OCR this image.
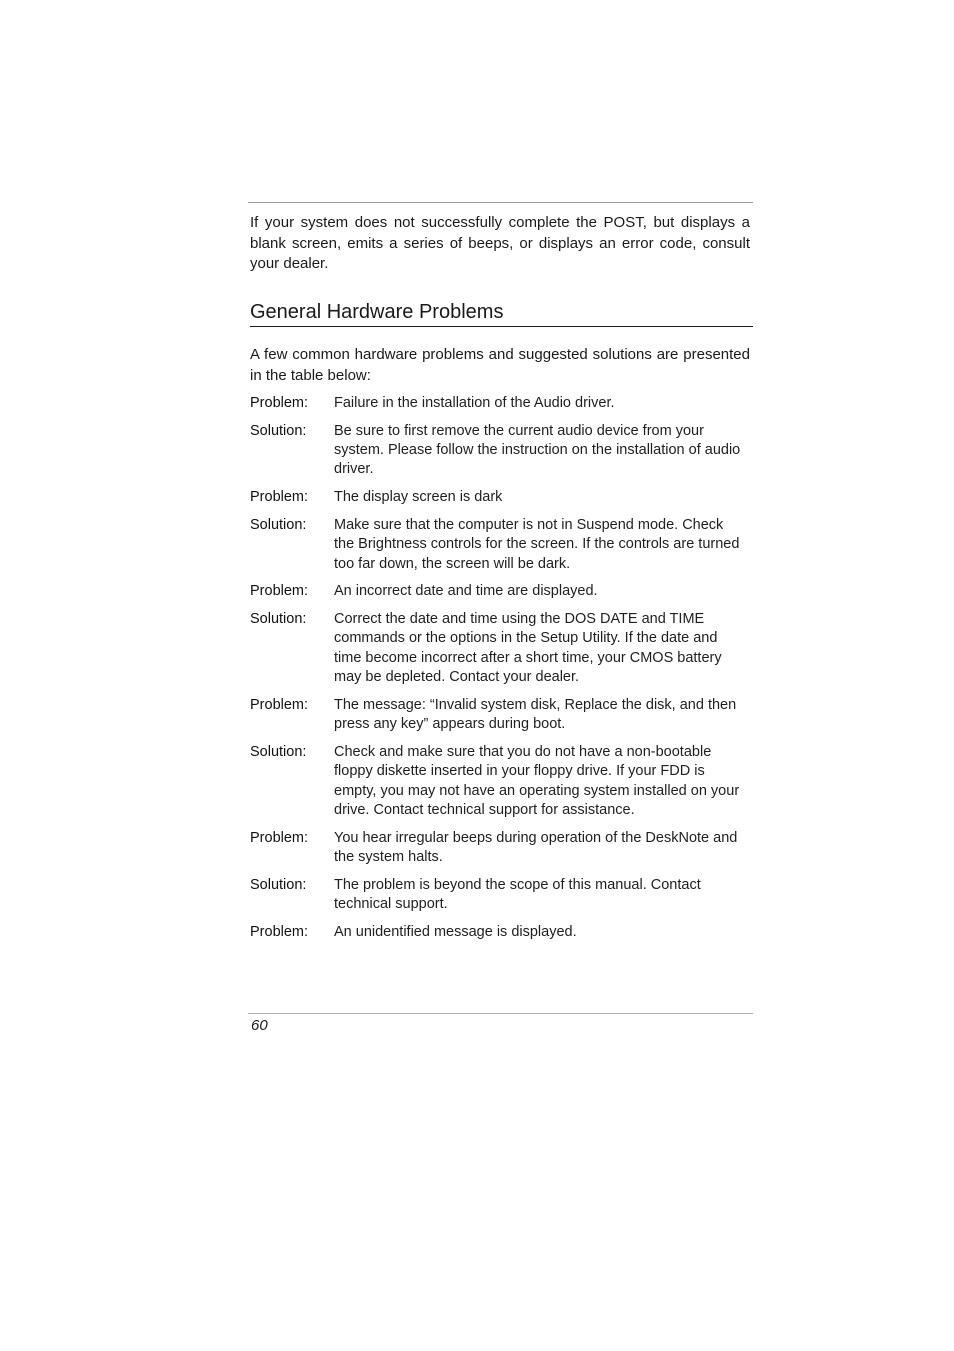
If your system does not successfully complete the POST, but displays a blank screen, emits a series of beeps, or displays an error code, consult your dealer.

General Hardware Problems

A few common hardware problems and suggested solutions are presented in the table below:

Problem:	Failure in the installation of the Audio driver.
Solution:	Be sure to first remove the current audio device from your system. Please follow the instruction on the installation of audio driver.
Problem:	The display screen is dark
Solution:	Make sure that the computer is not in Suspend mode. Check the Brightness controls for the screen. If the controls are turned too far down, the screen will be dark.
Problem:	An incorrect date and time are displayed.
Solution:	Correct the date and time using the DOS DATE and TIME commands or the options in the Setup Utility. If the date and time become incorrect after a short time, your CMOS battery may be depleted. Contact your dealer.
Problem:	The message: “Invalid system disk, Replace the disk, and then press any key” appears during boot.
Solution:	Check and make sure that you do not have a non-bootable floppy diskette inserted in your floppy drive. If your FDD is empty, you may not have an operating system installed on your drive. Contact technical support for assistance.
Problem:	You hear irregular beeps during operation of the DeskNote and the system halts.
Solution:	The problem is beyond the scope of this manual. Contact technical support.
Problem:	An unidentified message is displayed.

60
